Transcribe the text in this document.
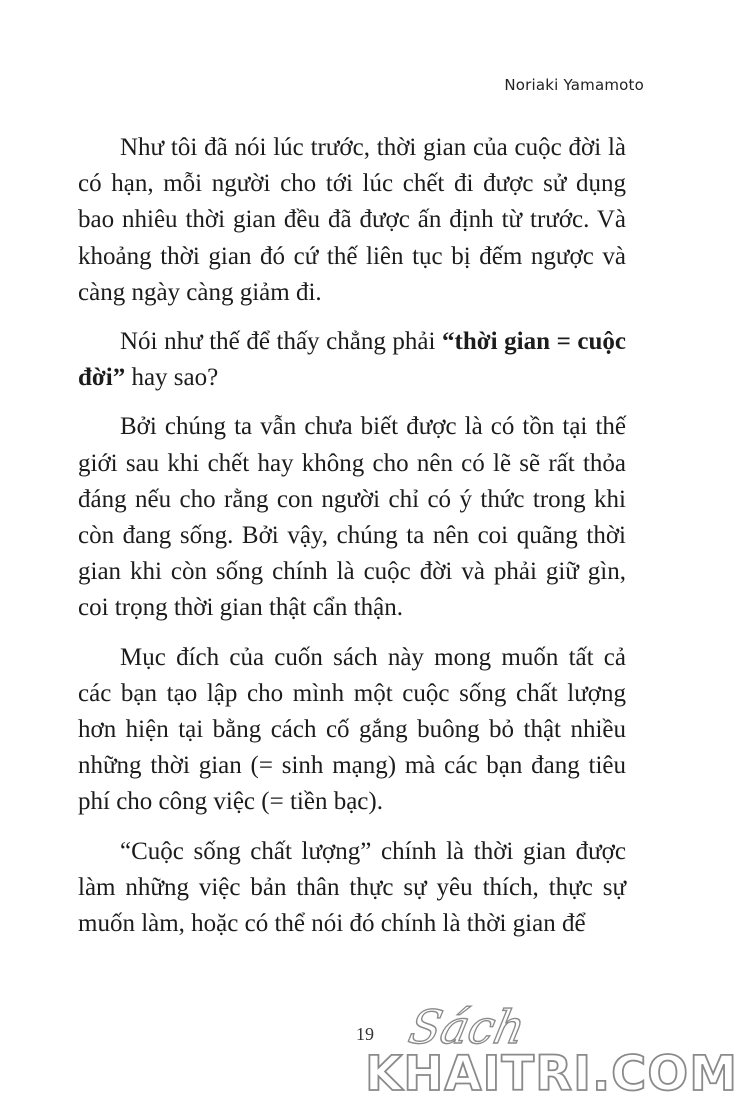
Noriaki Yamamoto

Như tôi đã nói lúc trước, thời gian của cuộc đời là có hạn, mỗi người cho tới lúc chết đi được sử dụng bao nhiêu thời gian đều đã được ấn định từ trước. Và khoảng thời gian đó cứ thế liên tục bị đếm ngược và càng ngày càng giảm đi.

Nói như thế để thấy chẳng phải “thời gian = cuộc đời” hay sao?

Bởi chúng ta vẫn chưa biết được là có tồn tại thế giới sau khi chết hay không cho nên có lẽ sẽ rất thỏa đáng nếu cho rằng con người chỉ có ý thức trong khi còn đang sống. Bởi vậy, chúng ta nên coi quãng thời gian khi còn sống chính là cuộc đời và phải giữ gìn, coi trọng thời gian thật cẩn thận.

Mục đích của cuốn sách này mong muốn tất cả các bạn tạo lập cho mình một cuộc sống chất lượng hơn hiện tại bằng cách cố gắng buông bỏ thật nhiều những thời gian (= sinh mạng) mà các bạn đang tiêu phí cho công việc (= tiền bạc).

“Cuộc sống chất lượng” chính là thời gian được làm những việc bản thân thực sự yêu thích, thực sự muốn làm, hoặc có thể nói đó chính là thời gian để

19 Sách
KHAITRI.COM
